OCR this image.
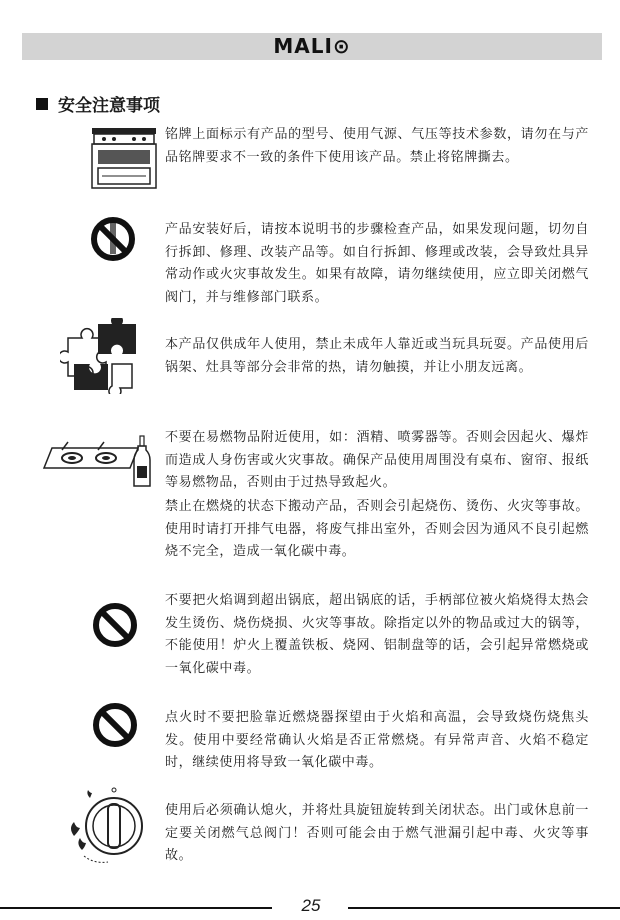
MALI⊙
安全注意事项
铭牌上面标示有产品的型号、使用气源、气压等技术参数，请勿在与产品铭牌要求不一致的条件下使用该产品。禁止将铭牌撕去。
产品安装好后，请按本说明书的步骤检查产品，如果发现问题，切勿自行拆卸、修理、改装产品等。如自行拆卸、修理或改装，会导致灶具异常动作或火灾事故发生。如果有故障，请勿继续使用，应立即关闭燃气阀门，并与维修部门联系。
本产品仅供成年人使用，禁止未成年人靠近或当玩具玩耍。产品使用后锅架、灶具等部分会非常的热，请勿触摸，并让小朋友远离。
不要在易燃物品附近使用，如：酒精、喷雾器等。否则会因起火、爆炸而造成人身伤害或火灾事故。确保产品使用周围没有桌布、窗帘、报纸等易燃物品，否则由于过热导致起火。
禁止在燃烧的状态下搬动产品，否则会引起烧伤、烫伤、火灾等事故。使用时请打开排气电器，将废气排出室外，否则会因为通风不良引起燃烧不完全，造成一氧化碳中毒。
不要把火焰调到超出锅底，超出锅底的话，手柄部位被火焰烧得太热会发生烫伤、烧伤烧损、火灾等事故。除指定以外的物品或过大的锅等，不能使用！炉火上覆盖铁板、烧网、铝制盘等的话，会引起异常燃烧或一氧化碳中毒。
点火时不要把脸靠近燃烧器探望由于火焰和高温，会导致烧伤烧焦头发。使用中要经常确认火焰是否正常燃烧。有异常声音、火焰不稳定时，继续使用将导致一氧化碳中毒。
使用后必须确认熄火，并将灶具旋钮旋转到关闭状态。出门或休息前一定要关闭燃气总阀门！否则可能会由于燃气泄漏引起中毒、火灾等事故。
25
